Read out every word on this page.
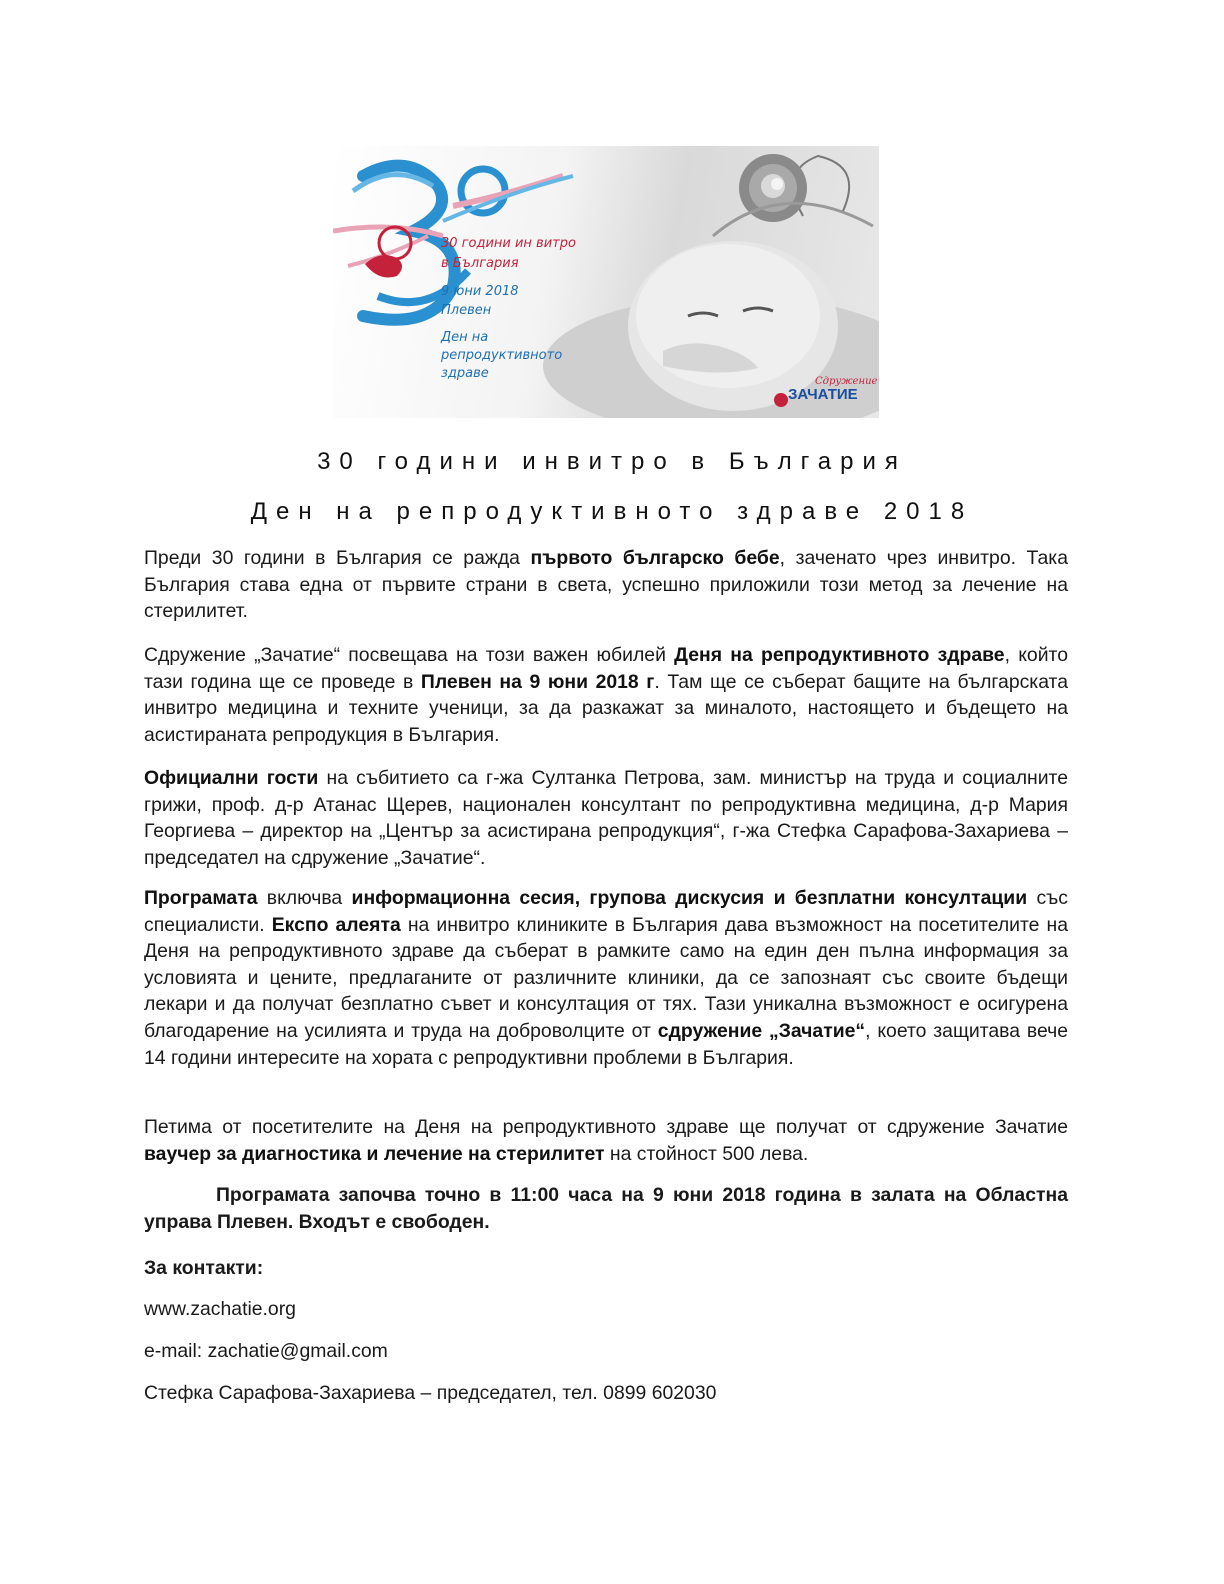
30 години ин витро
в България
9 юни 2018
Плевен
Ден на
репродуктивното
здраве
Сдружение
ЗАЧАТИЕ
30 години инвитро в България
Ден на репродуктивното здраве 2018
Преди 30 години в България се ражда първото българско бебе, заченато чрез инвитро. Така България става една от първите страни в света, успешно приложили този метод за лечение на стерилитет.
Сдружение „Зачатие“ посвещава на този важен юбилей Деня на репродуктивното здраве, който тази година ще се проведе в Плевен на 9 юни 2018 г. Там ще се съберат бащите на българската инвитро медицина и техните ученици, за да разкажат за миналото, настоящето и бъдещето на асистираната репродукция в България.
Официални гости на събитието са г-жа Султанка Петрова, зам. министър на труда и социалните грижи, проф. д-р Атанас Щерев, национален консултант по репродуктивна медицина, д-р Мария Георгиева – директор на „Център за асистирана репродукция“, г-жа Стефка Сарафова-Захариева – председател на сдружение „Зачатие“.
Програмата включва информационна сесия, групова дискусия и безплатни консултации със специалисти. Експо алеята на инвитро клиниките в България дава възможност на посетителите на Деня на репродуктивното здраве да съберат в рамките само на един ден пълна информация за условията и цените, предлаганите от различните клиники, да се запознаят със своите бъдещи лекари и да получат безплатно съвет и консултация от тях. Тази уникална възможност е осигурена благодарение на усилията и труда на доброволците от сдружение „Зачатие“, което защитава вече 14 години интересите на хората с репродуктивни проблеми в България.
Петима от посетителите на Деня на репродуктивното здраве ще получат от сдружение Зачатие ваучер за диагностика и лечение на стерилитет на стойност 500 лева.
Програмата започва точно в 11:00 часа на 9 юни 2018 година в залата на Областна управа Плевен. Входът е свободен.
За контакти:
www.zachatie.org
e-mail: zachatie@gmail.com
Стефка Сарафова-Захариева – председател, тел. 0899 602030
